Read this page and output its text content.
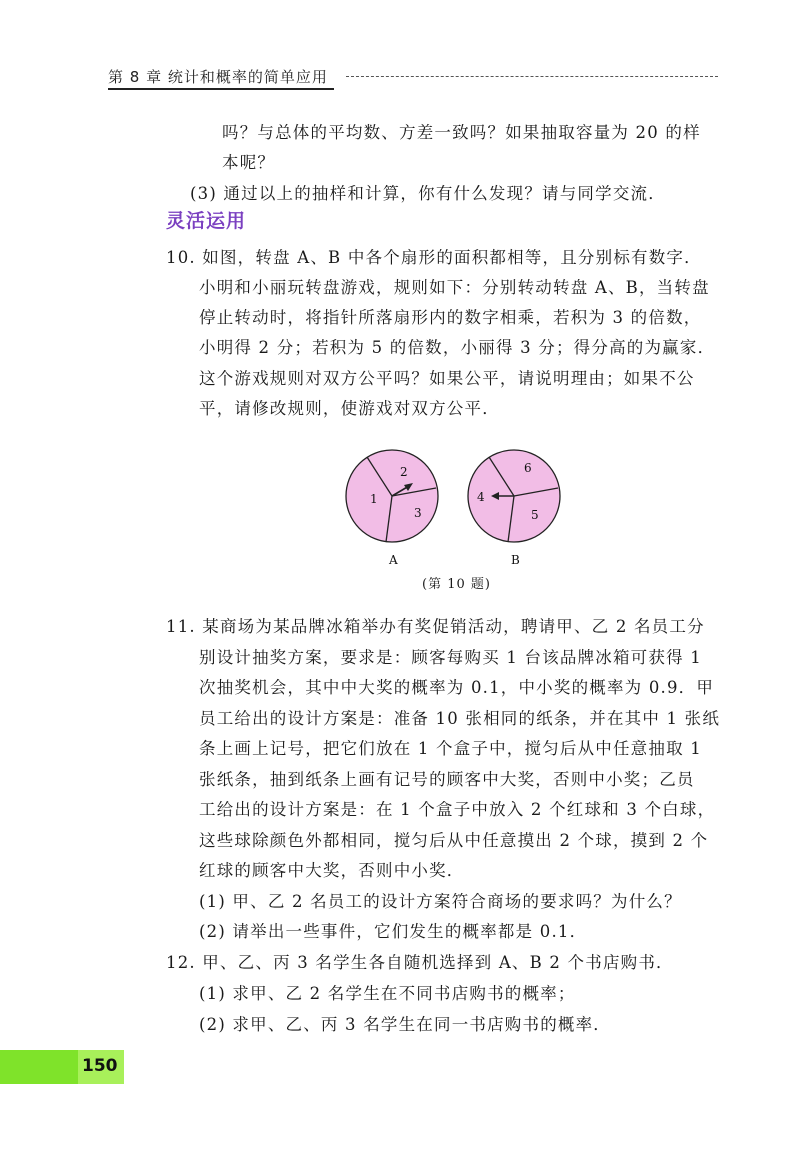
第 8 章 统计和概率的简单应用
吗？与总体的平均数、方差一致吗？如果抽取容量为 20 的样
本呢？
(3) 通过以上的抽样和计算，你有什么发现？请与同学交流．
灵活运用
10. 如图，转盘 A、B 中各个扇形的面积都相等，且分别标有数字．
小明和小丽玩转盘游戏，规则如下：分别转动转盘 A、B，当转盘
停止转动时，将指针所落扇形内的数字相乘，若积为 3 的倍数，
小明得 2 分；若积为 5 的倍数，小丽得 3 分；得分高的为赢家．
这个游戏规则对双方公平吗？如果公平，请说明理由；如果不公
平，请修改规则，使游戏对双方公平．
1
2
3
A
4
6
5
B
(第 10 题)
11. 某商场为某品牌冰箱举办有奖促销活动，聘请甲、乙 2 名员工分
别设计抽奖方案，要求是：顾客每购买 1 台该品牌冰箱可获得 1
次抽奖机会，其中中大奖的概率为 0.1，中小奖的概率为 0.9．甲
员工给出的设计方案是：准备 10 张相同的纸条，并在其中 1 张纸
条上画上记号，把它们放在 1 个盒子中，搅匀后从中任意抽取 1
张纸条，抽到纸条上画有记号的顾客中大奖，否则中小奖；乙员
工给出的设计方案是：在 1 个盒子中放入 2 个红球和 3 个白球，
这些球除颜色外都相同，搅匀后从中任意摸出 2 个球，摸到 2 个
红球的顾客中大奖，否则中小奖．
(1) 甲、乙 2 名员工的设计方案符合商场的要求吗？为什么？
(2) 请举出一些事件，它们发生的概率都是 0.1．
12. 甲、乙、丙 3 名学生各自随机选择到 A、B 2 个书店购书．
(1) 求甲、乙 2 名学生在不同书店购书的概率；
(2) 求甲、乙、丙 3 名学生在同一书店购书的概率．
150
